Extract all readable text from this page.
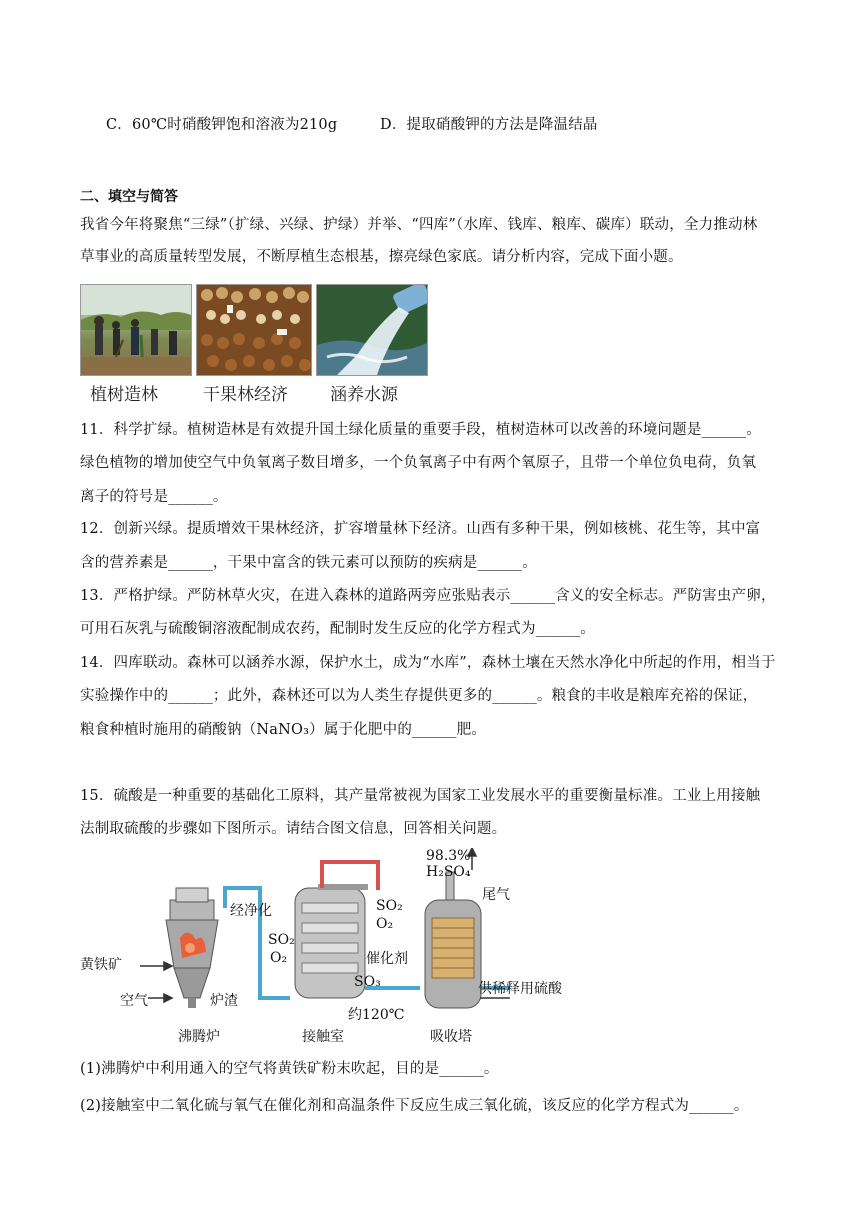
C．60℃时硝酸钾饱和溶液为210g	D．提取硝酸钾的方法是降温结晶
二、填空与简答
我省今年将聚焦“三绿”（扩绿、兴绿、护绿）并举、“四库”（水库、钱库、粮库、碳库）联动，全力推动林
草事业的高质量转型发展，不断厚植生态根基，擦亮绿色家底。请分析内容，完成下面小题。
植树造林	干果林经济 涵养水源
11．科学扩绿。植树造林是有效提升国土绿化质量的重要手段，植树造林可以改善的环境问题是______。
绿色植物的增加使空气中负氧离子数目增多，一个负氧离子中有两个氧原子，且带一个单位负电荷，负氧
离子的符号是______。
12．创新兴绿。提质增效干果林经济，扩容增量林下经济。山西有多种干果，例如核桃、花生等，其中富
含的营养素是______，干果中富含的铁元素可以预防的疾病是______。
13．严格护绿。严防林草火灾，在进入森林的道路两旁应张贴表示______含义的安全标志。严防害虫产卵，
可用石灰乳与硫酸铜溶液配制成农药，配制时发生反应的化学方程式为______。
14．四库联动。森林可以涵养水源，保护水土，成为“水库”，森林土壤在天然水净化中所起的作用，相当于
实验操作中的______；此外，森林还可以为人类生存提供更多的______。粮食的丰收是粮库充裕的保证，
粮食种植时施用的硝酸钠（NaNO₃）属于化肥中的______肥。
15．硫酸是一种重要的基础化工原料，其产量常被视为国家工业发展水平的重要衡量标准。工业上用接触
法制取硫酸的步骤如下图所示。请结合图文信息，回答相关问题。
98.3%
H₂SO₄
尾气
经净化	SO₂
O₂
SO₂
O₂	催化剂
黄铁矿
SO₃	供稀释用硫酸
空气	炉渣
约120℃
沸腾炉	接触室	吸收塔
(1)沸腾炉中利用通入的空气将黄铁矿粉末吹起，目的是______。
(2)接触室中二氧化硫与氧气在催化剂和高温条件下反应生成三氧化硫，该反应的化学方程式为______。
